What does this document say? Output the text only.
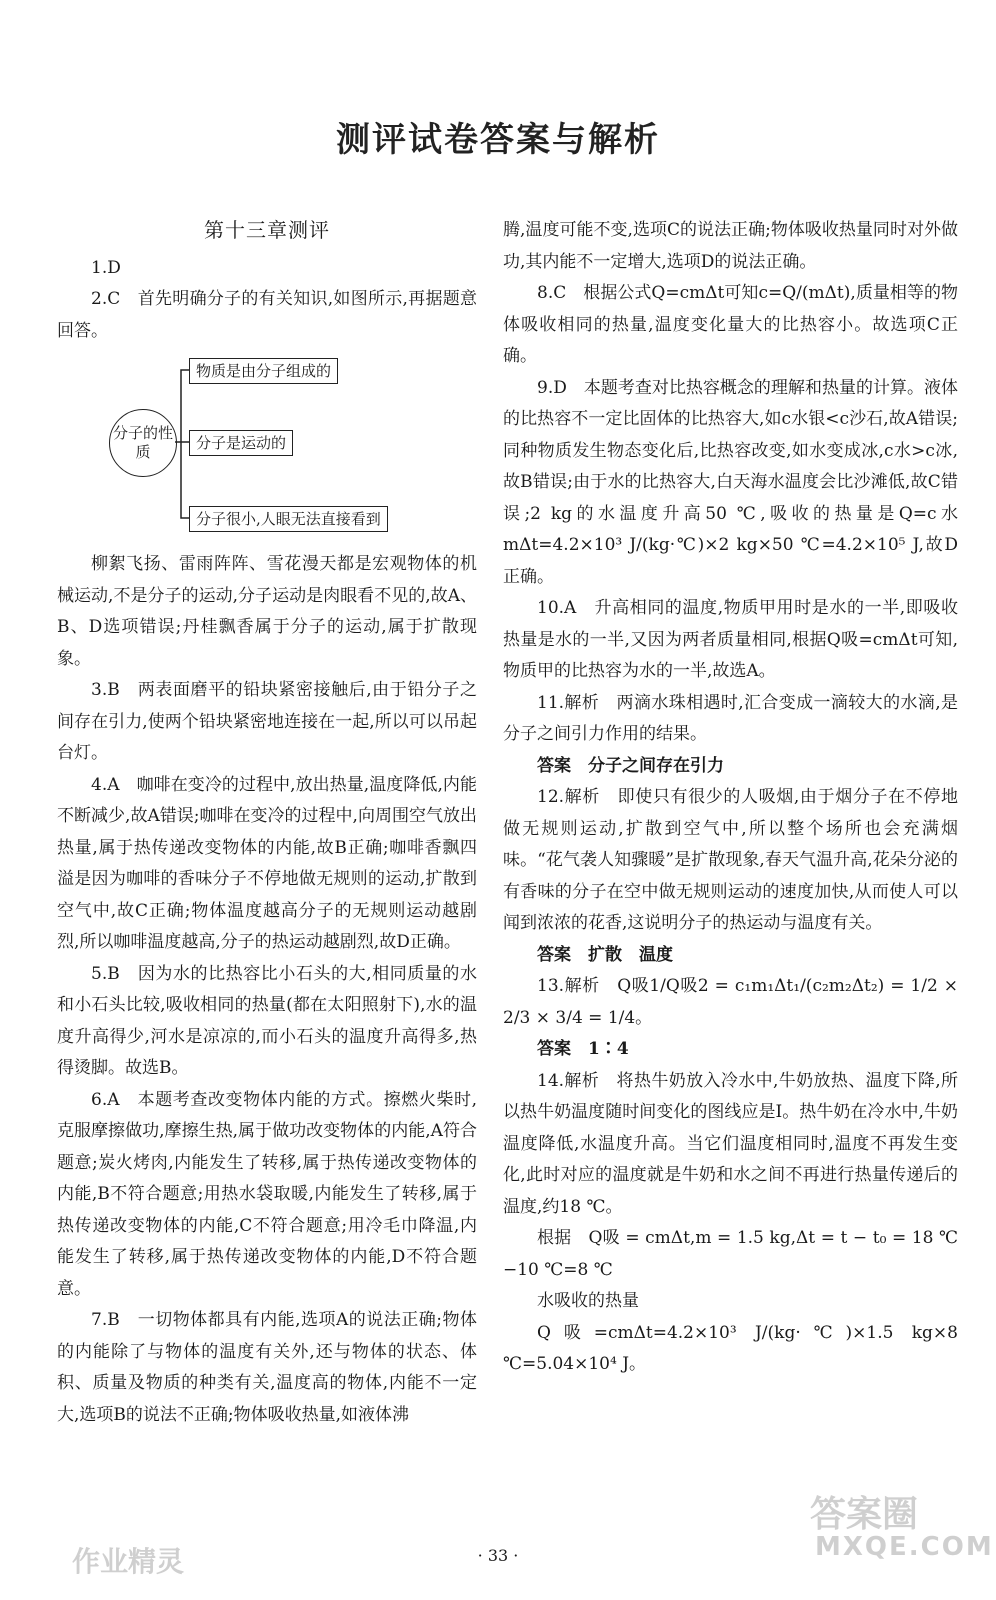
测评试卷答案与解析
第十三章测评

1.D

2.C　首先明确分子的有关知识,如图所示,再据题意回答。

分子的性质
物质是由分子组成的
分子是运动的
分子很小,人眼无法直接看到

柳絮飞扬、雷雨阵阵、雪花漫天都是宏观物体的机械运动,不是分子的运动,分子运动是肉眼看不见的,故A、B、D选项错误;丹桂飘香属于分子的运动,属于扩散现象。

3.B　两表面磨平的铅块紧密接触后,由于铅分子之间存在引力,使两个铅块紧密地连接在一起,所以可以吊起台灯。

4.A　咖啡在变冷的过程中,放出热量,温度降低,内能不断减少,故A错误;咖啡在变冷的过程中,向周围空气放出热量,属于热传递改变物体的内能,故B正确;咖啡香飘四溢是因为咖啡的香味分子不停地做无规则的运动,扩散到空气中,故C正确;物体温度越高分子的无规则运动越剧烈,所以咖啡温度越高,分子的热运动越剧烈,故D正确。

5.B　因为水的比热容比小石头的大,相同质量的水和小石头比较,吸收相同的热量(都在太阳照射下),水的温度升高得少,河水是凉凉的,而小石头的温度升高得多,热得烫脚。故选B。

6.A　本题考查改变物体内能的方式。擦燃火柴时,克服摩擦做功,摩擦生热,属于做功改变物体的内能,A符合题意;炭火烤肉,内能发生了转移,属于热传递改变物体的内能,B不符合题意;用热水袋取暖,内能发生了转移,属于热传递改变物体的内能,C不符合题意;用冷毛巾降温,内能发生了转移,属于热传递改变物体的内能,D不符合题意。

7.B　一切物体都具有内能,选项A的说法正确;物体的内能除了与物体的温度有关外,还与物体的状态、体积、质量及物质的种类有关,温度高的物体,内能不一定大,选项B的说法不正确;物体吸收热量,如液体沸

腾,温度可能不变,选项C的说法正确;物体吸收热量同时对外做功,其内能不一定增大,选项D的说法正确。

8.C　根据公式Q=cmΔt可知c=Q/(mΔt),质量相等的物体吸收相同的热量,温度变化量大的比热容小。故选项C正确。

9.D　本题考查对比热容概念的理解和热量的计算。液体的比热容不一定比固体的比热容大,如c水银<c沙石,故A错误;同种物质发生物态变化后,比热容改变,如水变成冰,c水>c冰,故B错误;由于水的比热容大,白天海水温度会比沙滩低,故C错误;2 kg的水温度升高50 ℃,吸收的热量是Q=c水mΔt=4.2×10³ J/(kg·℃)×2 kg×50 ℃=4.2×10⁵ J,故D正确。

10.A　升高相同的温度,物质甲用时是水的一半,即吸收热量是水的一半,又因为两者质量相同,根据Q吸=cmΔt可知,物质甲的比热容为水的一半,故选A。

11.解析　两滴水珠相遇时,汇合变成一滴较大的水滴,是分子之间引力作用的结果。

答案　分子之间存在引力

12.解析　即使只有很少的人吸烟,由于烟分子在不停地做无规则运动,扩散到空气中,所以整个场所也会充满烟味。“花气袭人知骤暖”是扩散现象,春天气温升高,花朵分泌的有香味的分子在空中做无规则运动的速度加快,从而使人可以闻到浓浓的花香,这说明分子的热运动与温度有关。

答案　扩散　温度

13.解析　Q吸1/Q吸2 = c₁m₁Δt₁/(c₂m₂Δt₂) = 1/2 × 2/3 × 3/4 = 1/4。

答案　1∶4

14.解析　将热牛奶放入冷水中,牛奶放热、温度下降,所以热牛奶温度随时间变化的图线应是Ⅰ。热牛奶在冷水中,牛奶温度降低,水温度升高。当它们温度相同时,温度不再发生变化,此时对应的温度就是牛奶和水之间不再进行热量传递后的温度,约18 ℃。

根据　Q吸 = cmΔt,m = 1.5 kg,Δt = t − t₀ = 18 ℃−10 ℃=8 ℃

水吸收的热量

Q吸=cmΔt=4.2×10³ J/(kg·℃)×1.5 kg×8 ℃=5.04×10⁴ J。

· 33 ·
答案圈
MXQE.COM
作业精灵
